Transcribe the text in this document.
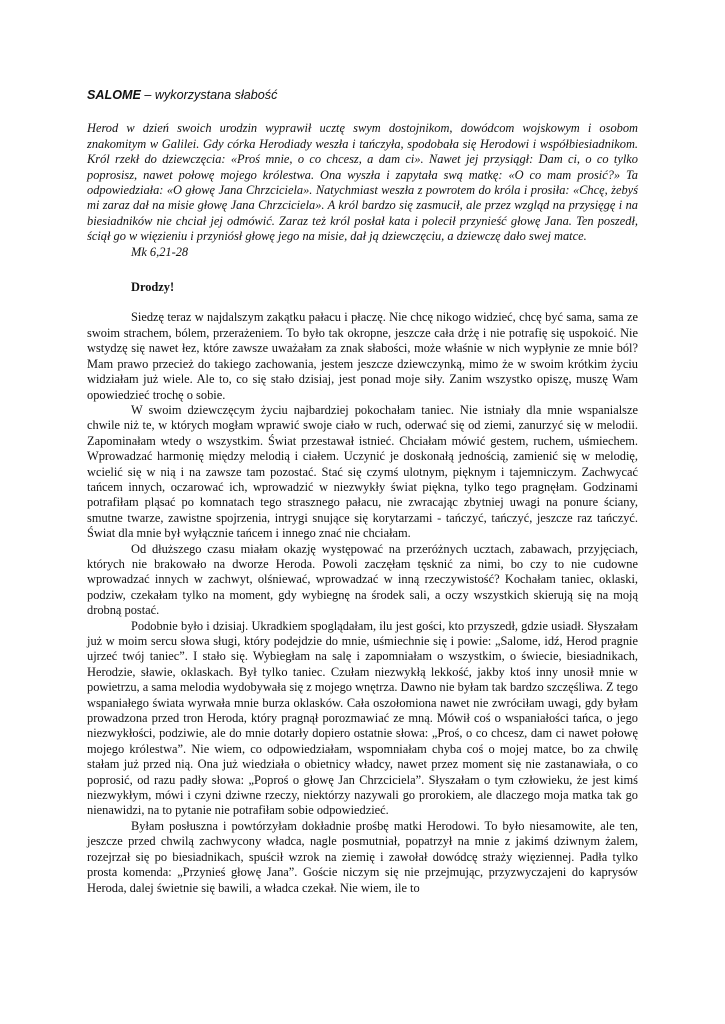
SALOME – wykorzystana słabość

Herod w dzień swoich urodzin wyprawił ucztę swym dostojnikom, dowódcom wojskowym i osobom znakomitym w Galilei. Gdy córka Herodiady weszła i tańczyła, spodobała się Herodowi i współbiesiadnikom. Król rzekł do dziewczęcia: «Proś mnie, o co chcesz, a dam ci». Nawet jej przysiągł: Dam ci, o co tylko poprosisz, nawet połowę mojego królestwa. Ona wyszła i zapytała swą matkę: «O co mam prosić?» Ta odpowiedziała: «O głowę Jana Chrzciciela». Natychmiast weszła z powrotem do króla i prosiła: «Chcę, żebyś mi zaraz dał na misie głowę Jana Chrzciciela». A król bardzo się zasmucił, ale przez wzgląd na przysięgę i na biesiadników nie chciał jej odmówić. Zaraz też król posłał kata i polecił przynieść głowę Jana. Ten poszedł, ściął go w więzieniu i przyniósł głowę jego na misie, dał ją dziewczęciu, a dziewczę dało swej matce.

Mk 6,21-28

Drodzy!

Siedzę teraz w najdalszym zakątku pałacu i płaczę. Nie chcę nikogo widzieć, chcę być sama, sama ze swoim strachem, bólem, przerażeniem. To było tak okropne, jeszcze cała drżę i nie potrafię się uspokoić. Nie wstydzę się nawet łez, które zawsze uważałam za znak słabości, może właśnie w nich wypłynie ze mnie ból? Mam prawo przecież do takiego zachowania, jestem jeszcze dziewczynką, mimo że w swoim krótkim życiu widziałam już wiele. Ale to, co się stało dzisiaj, jest ponad moje siły. Zanim wszystko opiszę, muszę Wam opowiedzieć trochę o sobie.

W swoim dziewczęcym życiu najbardziej pokochałam taniec. Nie istniały dla mnie wspanialsze chwile niż te, w których mogłam wprawić swoje ciało w ruch, oderwać się od ziemi, zanurzyć się w melodii. Zapominałam wtedy o wszystkim. Świat przestawał istnieć. Chciałam mówić gestem, ruchem, uśmiechem. Wprowadzać harmonię między melodią i ciałem. Uczynić je doskonałą jednością, zamienić się w melodię, wcielić się w nią i na zawsze tam pozostać. Stać się czymś ulotnym, pięknym i tajemniczym. Zachwycać tańcem innych, oczarować ich, wprowadzić w niezwykły świat piękna, tylko tego pragnęłam. Godzinami potrafiłam pląsać po komnatach tego strasznego pałacu, nie zwracając zbytniej uwagi na ponure ściany, smutne twarze, zawistne spojrzenia, intrygi snujące się korytarzami - tańczyć, tańczyć, jeszcze raz tańczyć. Świat dla mnie był wyłącznie tańcem i innego znać nie chciałam.

Od dłuższego czasu miałam okazję występować na przeróżnych ucztach, zabawach, przyjęciach, których nie brakowało na dworze Heroda. Powoli zaczęłam tęsknić za nimi, bo czy to nie cudowne wprowadzać innych w zachwyt, olśniewać, wprowadzać w inną rzeczywistość? Kochałam taniec, oklaski, podziw, czekałam tylko na moment, gdy wybiegnę na środek sali, a oczy wszystkich skierują się na moją drobną postać.

Podobnie było i dzisiaj. Ukradkiem spoglądałam, ilu jest gości, kto przyszedł, gdzie usiadł. Słyszałam już w moim sercu słowa sługi, który podejdzie do mnie, uśmiechnie się i powie: „Salome, idź, Herod pragnie ujrzeć twój taniec”. I stało się. Wybiegłam na salę i zapomniałam o wszystkim, o świecie, biesiadnikach, Herodzie, sławie, oklaskach. Był tylko taniec. Czułam niezwykłą lekkość, jakby ktoś inny unosił mnie w powietrzu, a sama melodia wydobywała się z mojego wnętrza. Dawno nie byłam tak bardzo szczęśliwa. Z tego wspaniałego świata wyrwała mnie burza oklasków. Cała oszołomiona nawet nie zwróciłam uwagi, gdy byłam prowadzona przed tron Heroda, który pragnął porozmawiać ze mną. Mówił coś o wspaniałości tańca, o jego niezwykłości, podziwie, ale do mnie dotarły dopiero ostatnie słowa: „Proś, o co chcesz, dam ci nawet połowę mojego królestwa”. Nie wiem, co odpowiedziałam, wspomniałam chyba coś o mojej matce, bo za chwilę stałam już przed nią. Ona już wiedziała o obietnicy władcy, nawet przez moment się nie zastanawiała, o co poprosić, od razu padły słowa: „Poproś o głowę Jan Chrzciciela”. Słyszałam o tym człowieku, że jest kimś niezwykłym, mówi i czyni dziwne rzeczy, niektórzy nazywali go prorokiem, ale dlaczego moja matka tak go nienawidzi, na to pytanie nie potrafiłam sobie odpowiedzieć.

Byłam posłuszna i powtórzyłam dokładnie prośbę matki Herodowi. To było niesamowite, ale ten, jeszcze przed chwilą zachwycony władca, nagle posmutniał, popatrzył na mnie z jakimś dziwnym żalem, rozejrzał się po biesiadnikach, spuścił wzrok na ziemię i zawołał dowódcę straży więziennej. Padła tylko prosta komenda: „Przynieś głowę Jana”. Goście niczym się nie przejmując, przyzwyczajeni do kaprysów Heroda, dalej świetnie się bawili, a władca czekał. Nie wiem, ile to
